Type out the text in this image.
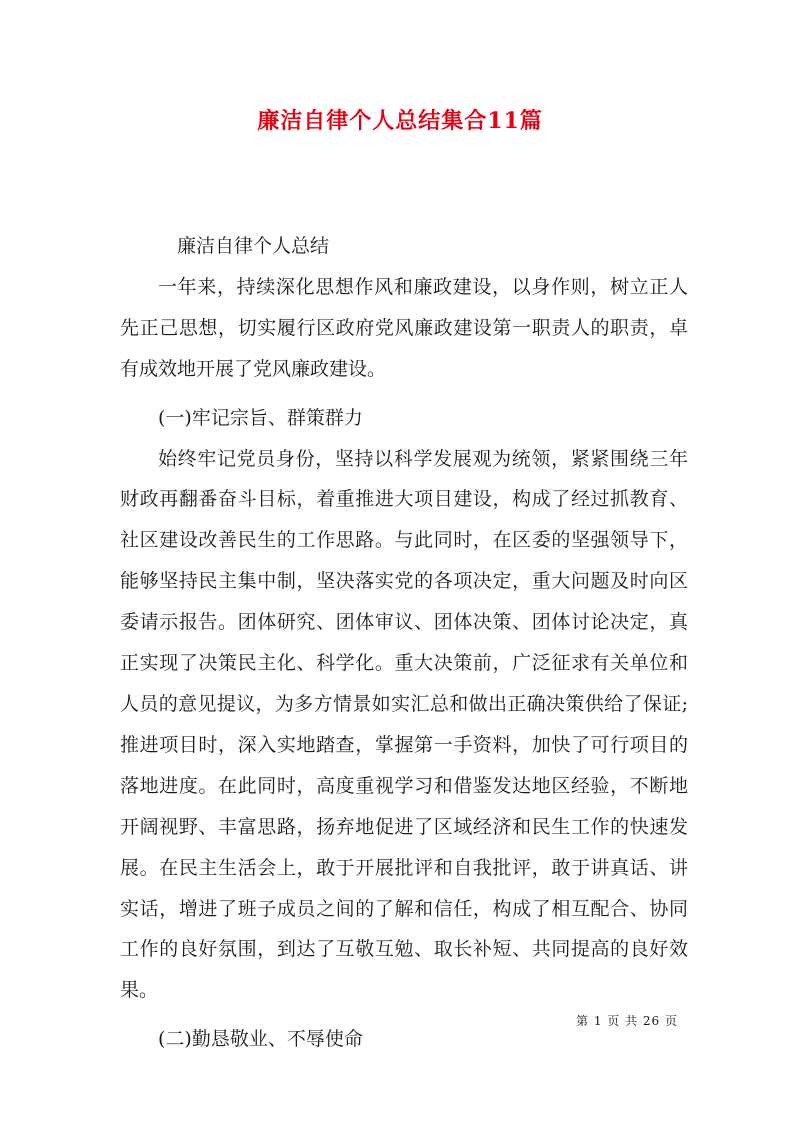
廉洁自律个人总结集合11篇

廉洁自律个人总结

一年来，持续深化思想作风和廉政建设，以身作则，树立正人先正己思想，切实履行区政府党风廉政建设第一职责人的职责，卓有成效地开展了党风廉政建设。

(一)牢记宗旨、群策群力

始终牢记党员身份，坚持以科学发展观为统领，紧紧围绕三年财政再翻番奋斗目标，着重推进大项目建设，构成了经过抓教育、社区建设改善民生的工作思路。与此同时，在区委的坚强领导下，能够坚持民主集中制，坚决落实党的各项决定，重大问题及时向区委请示报告。团体研究、团体审议、团体决策、团体讨论决定，真正实现了决策民主化、科学化。重大决策前，广泛征求有关单位和人员的意见提议，为多方情景如实汇总和做出正确决策供给了保证;推进项目时，深入实地踏查，掌握第一手资料，加快了可行项目的落地进度。在此同时，高度重视学习和借鉴发达地区经验，不断地开阔视野、丰富思路，扬弃地促进了区域经济和民生工作的快速发展。在民主生活会上，敢于开展批评和自我批评，敢于讲真话、讲实话，增进了班子成员之间的了解和信任，构成了相互配合、协同工作的良好氛围，到达了互敬互勉、取长补短、共同提高的良好效果。

(二)勤恳敬业、不辱使命

第 1 页 共 26 页
